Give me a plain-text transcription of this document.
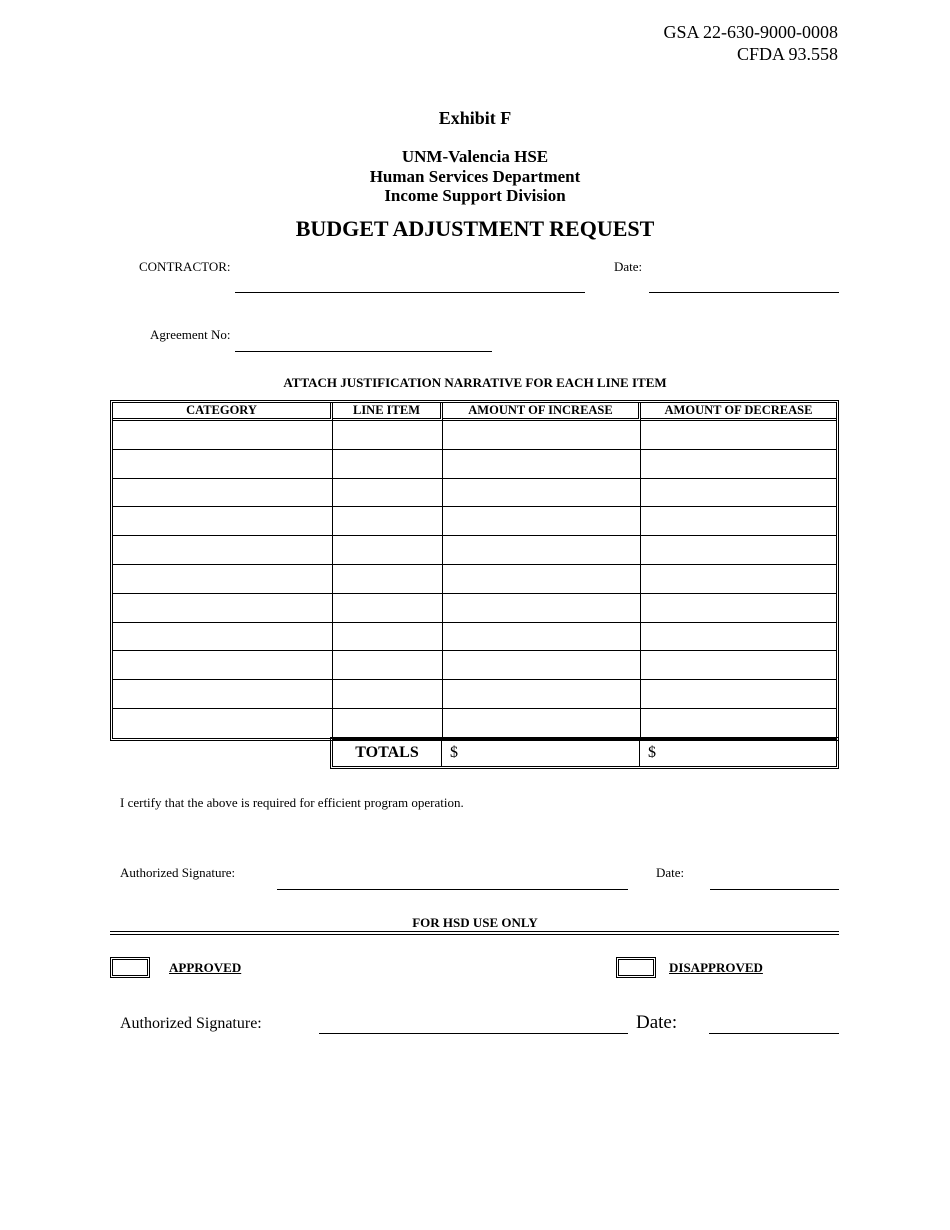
GSA 22-630-9000-0008
CFDA 93.558
Exhibit F
UNM-Valencia HSE
Human Services Department
Income Support Division
BUDGET ADJUSTMENT REQUEST
CONTRACTOR:	Date:
Agreement No:
ATTACH JUSTIFICATION NARRATIVE FOR EACH LINE ITEM
CATEGORY	LINE ITEM	AMOUNT OF INCREASE	AMOUNT OF DECREASE

TOTALS	$	$
I certify that the above is required for efficient program operation.
Authorized Signature:	Date:
FOR HSD USE ONLY
APPROVED	DISAPPROVED
Authorized Signature:	Date:
